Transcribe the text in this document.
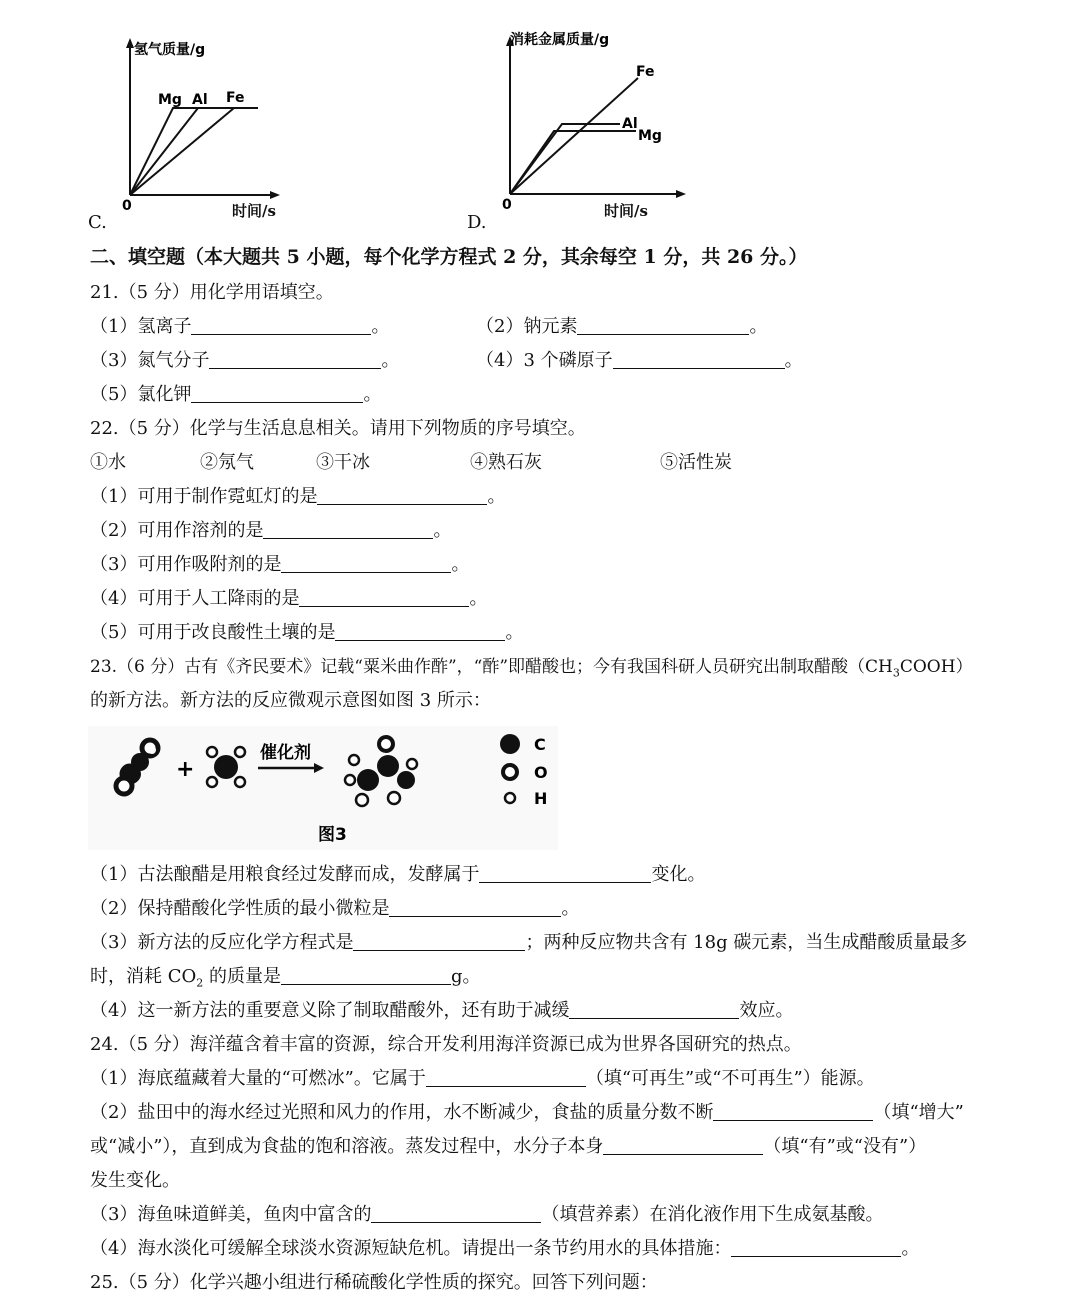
氢气质量/g
0
Mg Al Fe
时间/s
C.
消耗金属质量/g
0
Fe
Al
Mg
时间/s
D.
二、填空题（本大题共 5 小题，每个化学方程式 2 分，其余每空 1 分，共 26 分。）
21.（5 分）用化学用语填空。
（1）氢离子	。	（2）钠元素	。
（3）氮气分子	。	（4）3 个磷原子	。
（5）氯化钾	。
22.（5 分）化学与生活息息相关。请用下列物质的序号填空。
①水	②氖气	③干冰	④熟石灰	⑤活性炭
（1）可用于制作霓虹灯的是	。
（2）可用作溶剂的是	。
（3）可用作吸附剂的是	。
（4）可用于人工降雨的是	。
（5）可用于改良酸性土壤的是	。
23.（6 分）古有《齐民要术》记载“粟米曲作酢”，“酢”即醋酸也；今有我国科研人员研究出制取醋酸$(CH_3COOH)$
的新方法。新方法的反应微观示意图如图 3 所示：
+
催化剂
图3
C
O
H
（1）古法酿醋是用粮食经过发酵而成，发酵属于	变化。
（2）保持醋酸化学性质的最小微粒是	。
（3）新方法的反应化学方程式是	；两种反应物共含有 18g 碳元素，当生成醋酸质量最多
时，消耗 $CO_2$ 的质量是	g。
（4）这一新方法的重要意义除了制取醋酸外，还有助于减缓	效应。
24.（5 分）海洋蕴含着丰富的资源，综合开发利用海洋资源已成为世界各国研究的热点。
（1）海底蕴藏着大量的“可燃冰”。它属于	（填“可再生”或“不可再生”）能源。
（2）盐田中的海水经过光照和风力的作用，水不断减少，食盐的质量分数不断	（填“增大”
或“减小”），直到成为食盐的饱和溶液。蒸发过程中，水分子本身	（填“有”或“没有”）
发生变化。
（3）海鱼味道鲜美，鱼肉中富含的	（填营养素）在消化液作用下生成氨基酸。
（4）海水淡化可缓解全球淡水资源短缺危机。请提出一条节约用水的具体措施：	。
25.（5 分）化学兴趣小组进行稀硫酸化学性质的探究。回答下列问题：
